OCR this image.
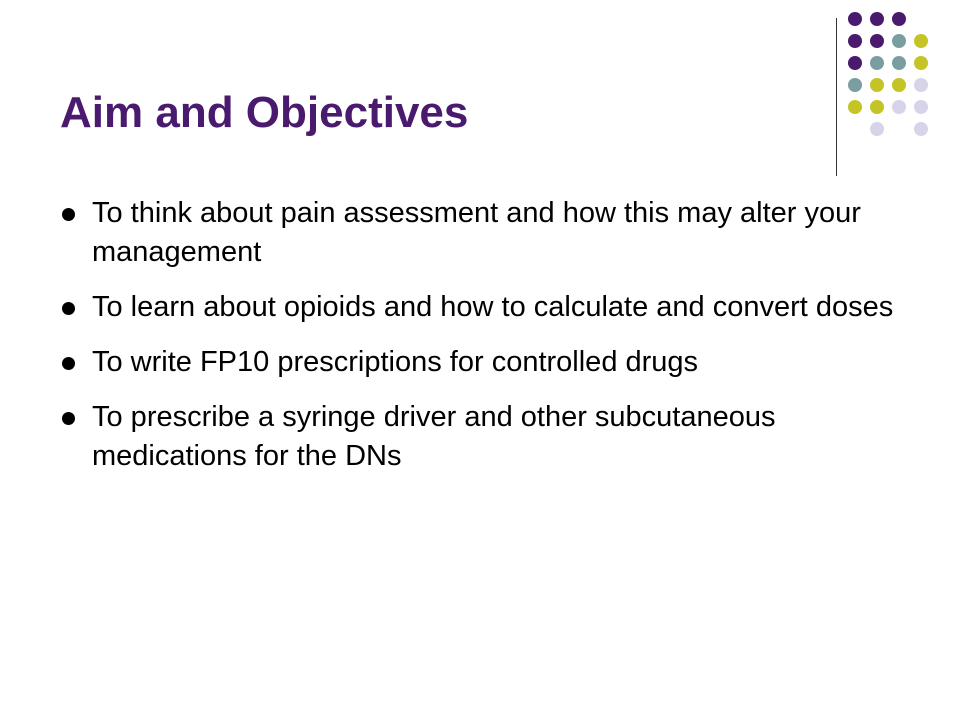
Aim and Objectives
To think about pain assessment and how this may alter your management
To learn about opioids and how to calculate and convert doses
To write FP10 prescriptions for controlled drugs
To prescribe a syringe driver and other subcutaneous medications for the DNs
